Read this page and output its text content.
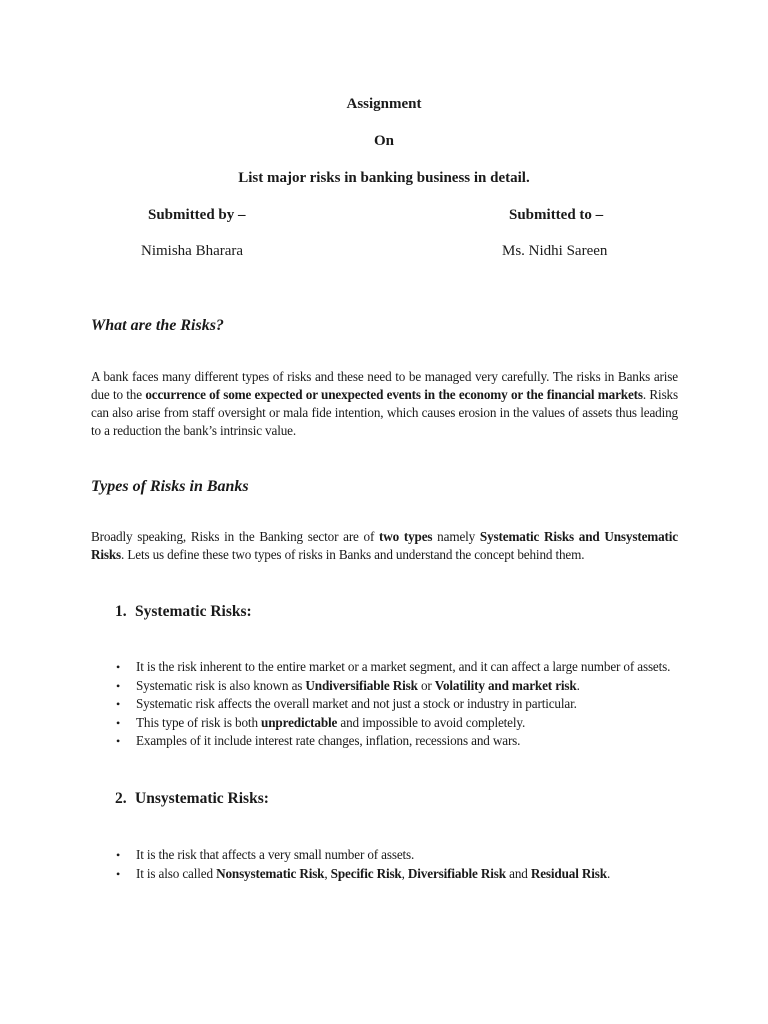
Assignment
On
List major risks in banking business in detail.
Submitted by –	Submitted to –
Nimisha Bharara	Ms. Nidhi Sareen
What are the Risks?
A bank faces many different types of risks and these need to be managed very carefully. The risks in Banks arise due to the occurrence of some expected or unexpected events in the economy or the financial markets. Risks can also arise from staff oversight or mala fide intention, which causes erosion in the values of assets thus leading to a reduction the bank’s intrinsic value.
Types of Risks in Banks
Broadly speaking, Risks in the Banking sector are of two types namely Systematic Risks and Unsystematic Risks. Lets us define these two types of risks in Banks and understand the concept behind them.
1. Systematic Risks:
• It is the risk inherent to the entire market or a market segment, and it can affect a large number of assets.
• Systematic risk is also known as Undiversifiable Risk or Volatility and market risk.
• Systematic risk affects the overall market and not just a stock or industry in particular.
• This type of risk is both unpredictable and impossible to avoid completely.
• Examples of it include interest rate changes, inflation, recessions and wars.
2. Unsystematic Risks:
• It is the risk that affects a very small number of assets.
• It is also called Nonsystematic Risk, Specific Risk, Diversifiable Risk and Residual Risk.
